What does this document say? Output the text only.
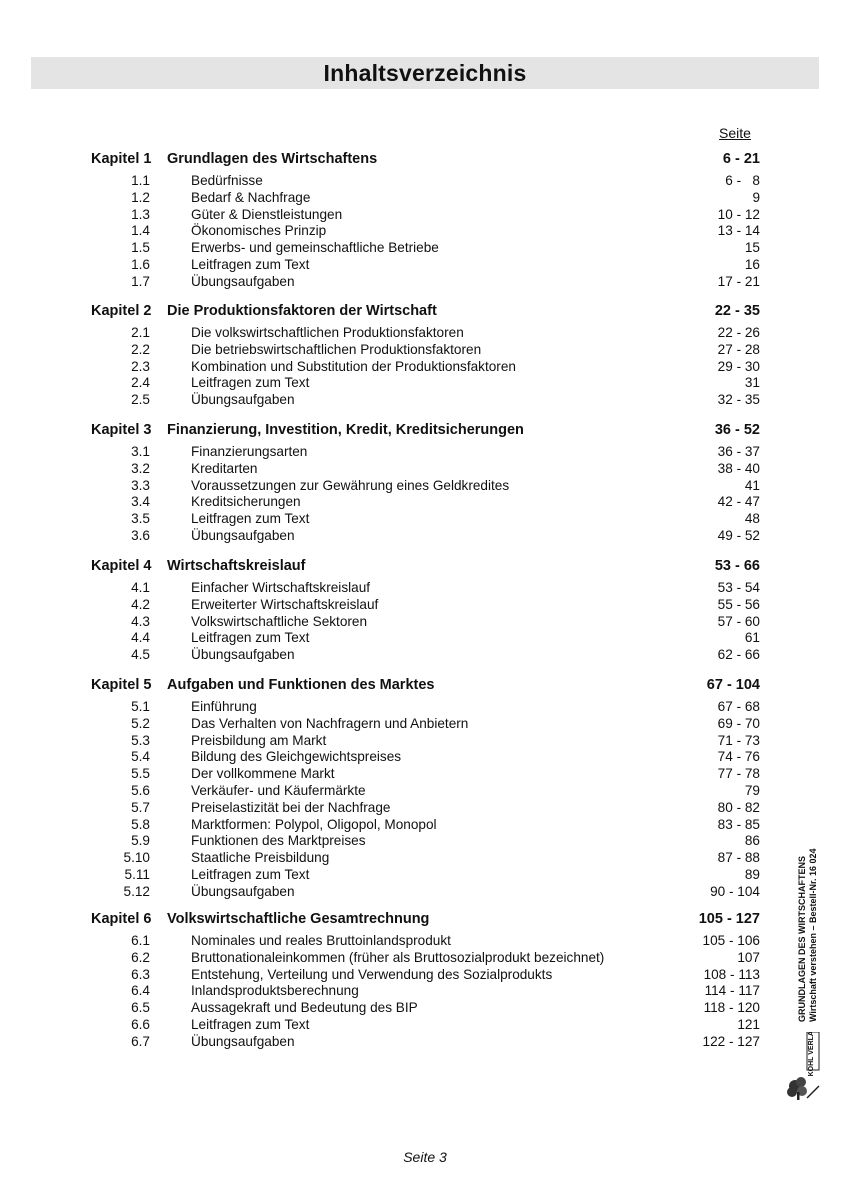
Inhaltsverzeichnis
Seite
Kapitel 1 Grundlagen des Wirtschaftens	6 - 21
1.1	Bedürfnisse	6 -   8
1.2	Bedarf & Nachfrage	9
1.3	Güter & Dienstleistungen	10 - 12
1.4	Ökonomisches Prinzip	13 - 14
1.5	Erwerbs- und gemeinschaftliche Betriebe	15
1.6	Leitfragen zum Text	16
1.7	Übungsaufgaben	17 - 21
Kapitel 2 Die Produktionsfaktoren der Wirtschaft	22 - 35
2.1	Die volkswirtschaftlichen Produktionsfaktoren	22 - 26
2.2	Die betriebswirtschaftlichen Produktionsfaktoren	27 - 28
2.3	Kombination und Substitution der Produktionsfaktoren	29 - 30
2.4	Leitfragen zum Text	31
2.5	Übungsaufgaben	32 - 35
Kapitel 3 Finanzierung, Investition, Kredit, Kreditsicherungen	36 - 52
3.1	Finanzierungsarten	36 - 37
3.2	Kreditarten	38 - 40
3.3	Voraussetzungen zur Gewährung eines Geldkredites	41
3.4	Kreditsicherungen	42 - 47
3.5	Leitfragen zum Text	48
3.6	Übungsaufgaben	49 - 52
Kapitel 4 Wirtschaftskreislauf	53 - 66
4.1	Einfacher Wirtschaftskreislauf	53 - 54
4.2	Erweiterter Wirtschaftskreislauf	55 - 56
4.3	Volkswirtschaftliche Sektoren	57 - 60
4.4	Leitfragen zum Text	61
4.5	Übungsaufgaben	62 - 66
Kapitel 5 Aufgaben und Funktionen des Marktes	67 - 104
5.1	Einführung	67 - 68
5.2	Das Verhalten von Nachfragern und Anbietern	69 - 70
5.3	Preisbildung am Markt	71 - 73
5.4	Bildung des Gleichgewichtspreises	74 - 76
5.5	Der vollkommene Markt	77 - 78
5.6	Verkäufer- und Käufermärkte	79
5.7	Preiselastizität bei der Nachfrage	80 - 82
5.8	Marktformen: Polypol, Oligopol, Monopol	83 - 85
5.9	Funktionen des Marktpreises	86
5.10	Staatliche Preisbildung	87 - 88
5.11	Leitfragen zum Text	89
5.12	Übungsaufgaben	90 - 104
Kapitel 6 Volkswirtschaftliche Gesamtrechnung	105 - 127
6.1	Nominales und reales Bruttoinlandsprodukt	105 - 106
6.2	Bruttonationaleinkommen (früher als Bruttosozialprodukt bezeichnet)	107
6.3	Entstehung, Verteilung und Verwendung des Sozialprodukts	108 - 113
6.4	Inlandsproduktsberechnung	114 - 117
6.5	Aussagekraft und Bedeutung des BIP	118 - 120
6.6	Leitfragen zum Text	121
6.7	Übungsaufgaben	122 - 127
GRUNDLAGEN DES WIRTSCHAFTENS Wirtschaft verstehen – Bestell-Nr. 16 024
KOHL VERLAG
Seite 3
